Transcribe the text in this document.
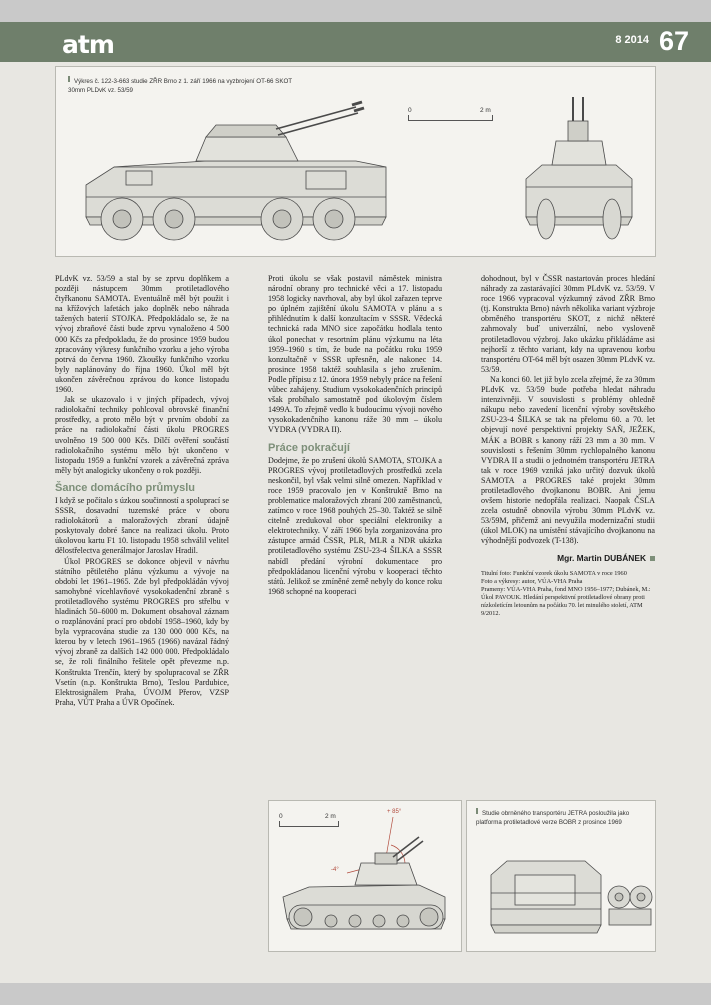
atm	8 2014 67
Výkres č. 122-3-663 studie ZŘR Brno z 1. září 1966 na vyzbrojení OT-66 SKOT 30mm PLDvK vz. 53/59
0	2 m

PLdvK vz. 53/59 a stal by se zprvu doplňkem a později nástupcem 30mm protiletadlového čtyřkanonu SAMOTA. Eventuálně měl být použit i na křížových lafetách jako doplněk nebo náhrada tažených baterií STOJKA. Předpokládalo se, že na vývoj zbraňové části bude zprvu vynaloženo 4 500 000 Kčs za předpokladu, že do prosince 1959 budou zpracovány výkresy funkčního vzorku a jeho výroba potrvá do června 1960. Zkoušky funkčního vzorku byly naplánovány do října 1960. Úkol měl být ukončen závěrečnou zprávou do konce listopadu 1960.

Jak se ukazovalo i v jiných případech, vývoj radiolokační techniky pohlcoval obrovské finanční prostředky, a proto mělo být v prvním období za práce na radiolokační části úkolu PROGRES uvolněno 19 500 000 Kčs. Dílčí ověření součástí radiolokačního systému mělo být ukončeno v listopadu 1959 a funkční vzorek a závěrečná zpráva měly být analogicky ukončeny o rok později.

Šance domácího průmyslu

I když se počítalo s úzkou součinností a spoluprací se SSSR, dosavadní tuzemské práce v oboru radiolokátorů a maloražových zbraní údajně poskytovaly dobré šance na realizaci úkolu. Proto úkolovou kartu F1 10. listopadu 1958 schválil velitel dělostřelectva generálmajor Jaroslav Hradil.

Úkol PROGRES se dokonce objevil v návrhu státního pětiletého plánu výzkumu a vývoje na období let 1961–1965. Zde byl předpokládán vývoj samohybné vícehlavňové vysokokadenční zbraně s protiletadlového systému PROGRES pro střelbu v hladinách 50–6000 m. Dokument obsahoval záznam o rozplánování prací pro období 1958–1960, kdy by byla vypracována studie za 130 000 000 Kčs, na kterou by v letech 1961–1965 (1966) navázal řádný vývoj zbraně za dalších 142 000 000. Předpokládalo se, že roli finálního řešitele opět převezme n.p. Konštrukta Trenčín, který by spolupracoval se ZŘR Vsetín (n.p. Konštrukta Brno), Teslou Pardubice, Elektrosignálem Praha, ÚVOJM Přerov, VZSP Praha, VÚT Praha a ÚVR Opočínek.

Proti úkolu se však postavil náměstek ministra národní obrany pro technické věci a 17. listopadu 1958 logicky navrhoval, aby byl úkol zařazen teprve po úplném zajištění úkolu SAMOTA v plánu a s přihlédnutím k další konzultacím v SSSR. Vědecká technická rada MNO sice započátku hodlala tento úkol ponechat v resortním plánu výzkumu na léta 1959–1960 s tím, že bude na počátku roku 1959 konzultačně v SSSR upřesněn, ale nakonec 14. prosince 1958 taktéž souhlasila s jeho zrušením. Podle přípisu z 12. února 1959 nebyly práce na řešení vůbec zahájeny. Studium vysokokadenčních principů však probíhalo samostatně pod úkolovým číslem 1499A. To zřejmě vedlo k budoucímu vývoji nového vysokokadenčního kanonu ráže 30 mm – úkolu VYDRA (VYDRA II).

Práce pokračují

Dodejme, že po zrušení úkolů SAMOTA, STOJKA a PROGRES vývoj protiletadlových prostředků zcela neskončil, byl však velmi silně omezen. Například v roce 1959 pracovalo jen v Konštruktě Brno na problematice maloražových zbraní 200 zaměstnanců, zatímco v roce 1968 pouhých 25–30. Taktéž se silně citelně zredukoval obor speciální elektroniky a elektrotechniky. V září 1966 byla zorganizována pro zástupce armád ČSSR, PLR, MLR a NDR ukázka protiletadlového systému ZSU-23-4 ŠILKA a SSSR nabídl předání výrobní dokumentace pro předpokládanou licenční výrobu v kooperaci těchto států. Jelikož se zmíněné země nebyly do konce roku 1968 schopné na kooperaci

dohodnout, byl v ČSSR nastartován proces hledání náhrady za zastarávající 30mm PLdvK vz. 53/59. V roce 1966 vypracoval výzkumný závod ZŘR Brno (tj. Konstrukta Brno) návrh několika variant výzbroje obrněného transportéru SKOT, z nichž některé zahrnovaly buď univerzální, nebo vysloveně protiletadlovou výzbroj. Jako ukázku přikládáme asi nejhorší z těchto variant, kdy na upravenou korbu transportéru OT-64 měl být osazen 30mm PLdvK vz. 53/59.

Na konci 60. let již bylo zcela zřejmé, že za 30mm PLdvK vz. 53/59 bude potřeba hledat náhradu intenzivněji. V souvislosti s problémy ohledně nákupu nebo zavedení licenční výroby sovětského ZSU-23-4 ŠILKA se tak na přelomu 60. a 70. let objevují nové perspektivní projekty SAŇ, JEŽEK, MÁK a BOBR s kanony ráží 23 mm a 30 mm. V souvislosti s řešením 30mm rychlopalného kanonu VYDRA II a studii o jednotném transportéru JETRA tak v roce 1969 vzniká jako určitý dozvuk úkolů SAMOTA a PROGRES také projekt 30mm protiletadlového dvojkanonu BOBR. Ani jemu ovšem historie nedopřála realizaci. Naopak ČSLA zcela ostudně obnovila výrobu 30mm PLdvK vz. 53/59M, přičemž ani nevyužila modernizační studii (úkol MLOK) na umístění stávajícího dvojkanonu na výhodnější podvozek (T-138).

Mgr. Martin DUBÁNEK
Titulní foto: Funkční vzorek úkolu SAMOTA v roce 1960
Foto a výkresy: autor, VÚA-VHA Praha
Prameny: VÚA-VHA Praha, fond MNO 1956–1977; Dubánek, M.: Úkol PAVOUK. Hledání perspektivní protiletadlové obrany proti nízkoletícím letounům na počátku 70. let minulého století, ATM 9/2012.
0	2 m
+ 85°
-4°
Studie obrněného transportéru JETRA posloužila jako platforma protiletadlové verze BOBR z prosince 1969
